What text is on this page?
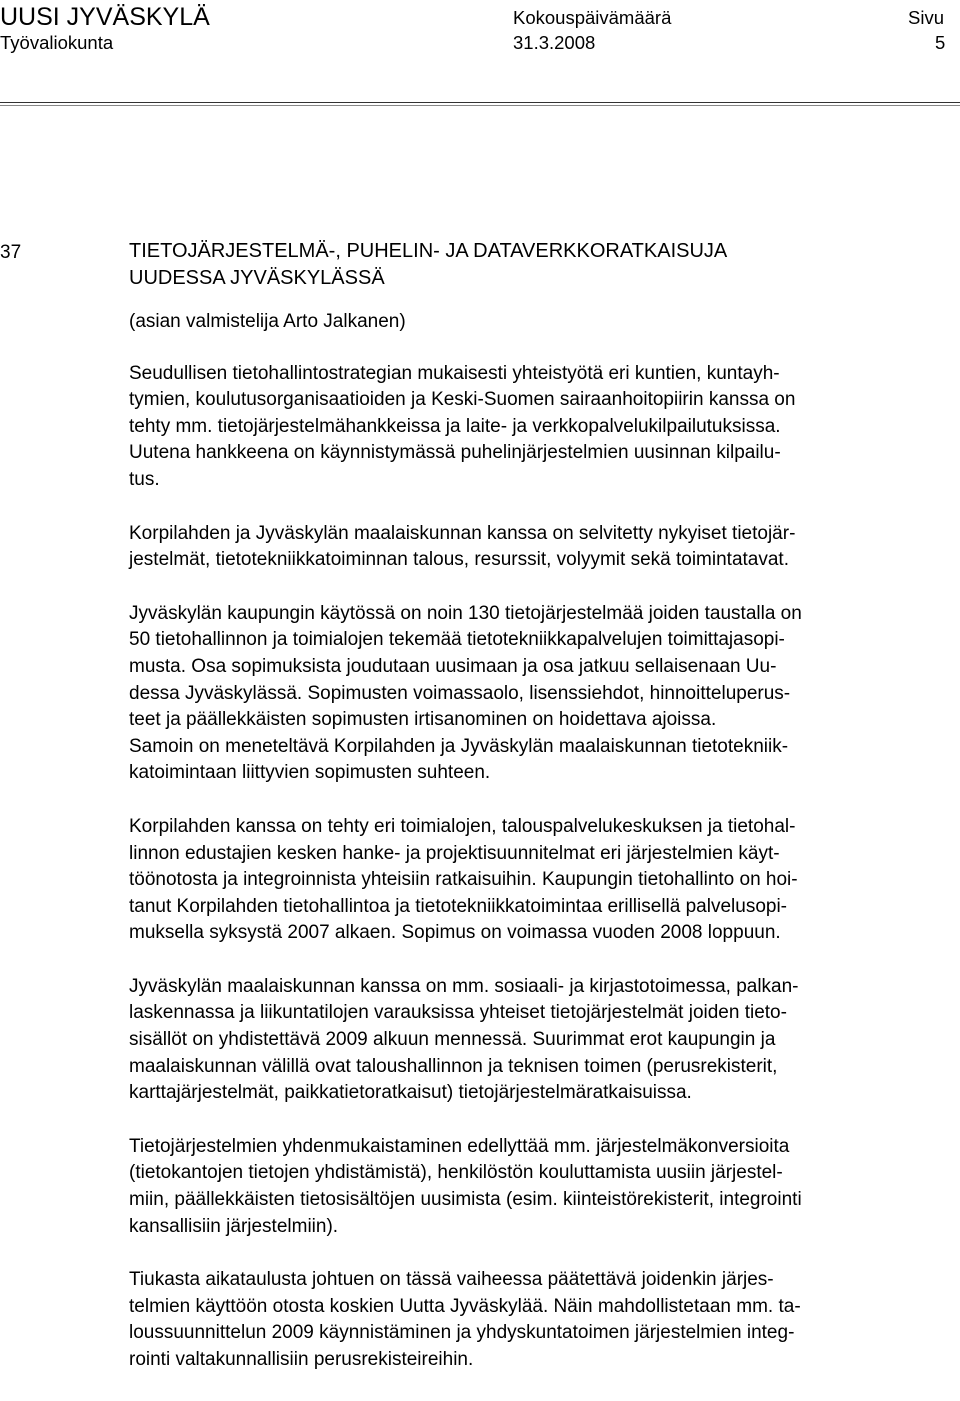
UUSI JYVÄSKYLÄ
Työvaliokunta
Kokouspäivämäärä
31.3.2008
Sivu
5
37	TIETOJÄRJESTELMÄ-, PUHELIN- JA DATAVERKKORATKAISUJA
UUDESSA JYVÄSKYLÄSSÄ
(asian valmistelija Arto Jalkanen)
Seudullisen tietohallintostrategian mukaisesti yhteistyötä eri kuntien, kuntayh-
tymien, koulutusorganisaatioiden ja Keski-Suomen sairaanhoitopiirin kanssa on
tehty mm. tietojärjestelmähankkeissa ja laite- ja verkkopalvelukilpailutuksissa.
Uutena hankkeena on käynnistymässä puhelinjärjestelmien uusinnan kilpailu-
tus.
Korpilahden ja Jyväskylän maalaiskunnan kanssa on selvitetty nykyiset tietojär-
jestelmät, tietotekniikkatoiminnan talous, resurssit, volyymit sekä toimintatavat.
Jyväskylän kaupungin käytössä on noin 130 tietojärjestelmää joiden taustalla on
50 tietohallinnon ja toimialojen tekemää tietotekniikkapalvelujen toimittajasopi-
musta. Osa sopimuksista joudutaan uusimaan ja osa jatkuu sellaisenaan Uu-
dessa Jyväskylässä. Sopimusten voimassaolo, lisenssiehdot, hinnoitteluperus-
teet ja päällekkäisten sopimusten irtisanominen on hoidettava ajoissa.
Samoin on meneteltävä Korpilahden ja Jyväskylän maalaiskunnan tietotekniik-
katoimintaan liittyvien sopimusten suhteen.
Korpilahden kanssa on tehty eri toimialojen, talouspalvelukeskuksen ja tietohal-
linnon edustajien kesken hanke- ja projektisuunnitelmat eri järjestelmien käyt-
töönotosta ja integroinnista yhteisiin ratkaisuihin. Kaupungin tietohallinto on hoi-
tanut Korpilahden tietohallintoa ja tietotekniikkatoimintaa erillisellä palvelusopi-
muksella syksystä 2007 alkaen. Sopimus on voimassa vuoden 2008 loppuun.
Jyväskylän maalaiskunnan kanssa on mm. sosiaali- ja kirjastotoimessa, palkan-
laskennassa ja liikuntatilojen varauksissa yhteiset tietojärjestelmät joiden tieto-
sisällöt on yhdistettävä 2009 alkuun mennessä. Suurimmat erot kaupungin ja
maalaiskunnan välillä ovat taloushallinnon ja teknisen toimen (perusrekisterit,
karttajärjestelmät, paikkatietoratkaisut) tietojärjestelmäratkaisuissa.
Tietojärjestelmien yhdenmukaistaminen edellyttää mm. järjestelmäkonversioita
(tietokantojen tietojen yhdistämistä), henkilöstön kouluttamista uusiin järjestel-
miin, päällekkäisten tietosisältöjen uusimista (esim. kiinteistörekisterit, integrointi
kansallisiin järjestelmiin).
Tiukasta aikataulusta johtuen on tässä vaiheessa päätettävä joidenkin järjes-
telmien käyttöön otosta koskien Uutta Jyväskylää. Näin mahdollistetaan mm. ta-
loussuunnittelun 2009 käynnistäminen ja yhdyskuntatoimen järjestelmien integ-
rointi valtakunnallisiin perusrekisteireihin.
